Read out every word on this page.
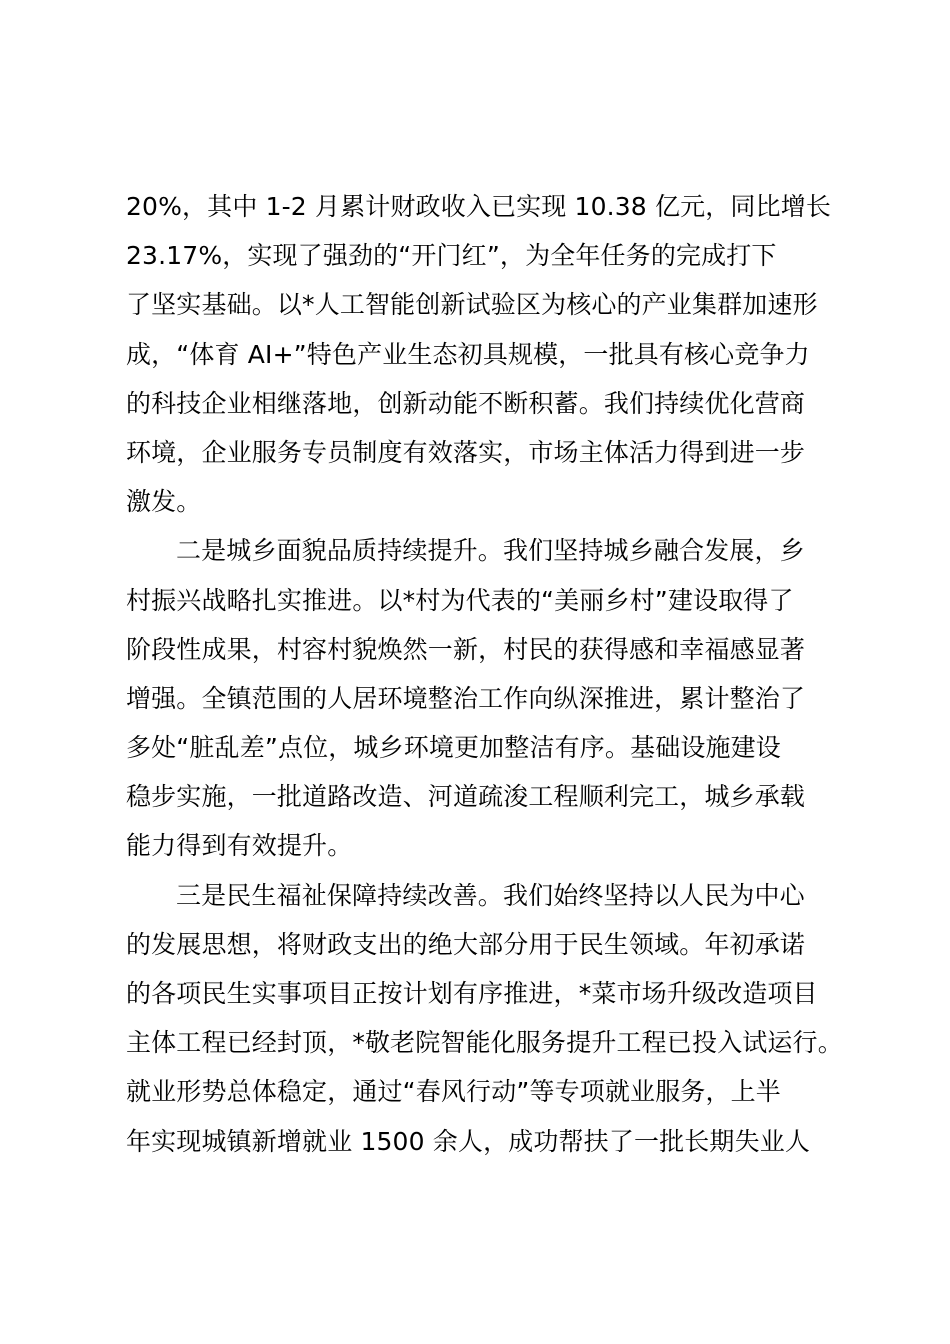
20%，其中 1-2 月累计财政收入已实现 10.38 亿元，同比增长
23.17%，实现了强劲的“开门红”，为全年任务的完成打下
了坚实基础。以*人工智能创新试验区为核心的产业集群加速形
成，“体育 AI+”特色产业生态初具规模，一批具有核心竞争力
的科技企业相继落地，创新动能不断积蓄。我们持续优化营商
环境，企业服务专员制度有效落实，市场主体活力得到进一步
激发。
二是城乡面貌品质持续提升。我们坚持城乡融合发展，乡
村振兴战略扎实推进。以*村为代表的“美丽乡村”建设取得了
阶段性成果，村容村貌焕然一新，村民的获得感和幸福感显著
增强。全镇范围的人居环境整治工作向纵深推进，累计整治了
多处“脏乱差”点位，城乡环境更加整洁有序。基础设施建设
稳步实施，一批道路改造、河道疏浚工程顺利完工，城乡承载
能力得到有效提升。
三是民生福祉保障持续改善。我们始终坚持以人民为中心
的发展思想，将财政支出的绝大部分用于民生领域。年初承诺
的各项民生实事项目正按计划有序推进，*菜市场升级改造项目
主体工程已经封顶，*敬老院智能化服务提升工程已投入试运行。
就业形势总体稳定，通过“春风行动”等专项就业服务，上半
年实现城镇新增就业 1500 余人，成功帮扶了一批长期失业人
